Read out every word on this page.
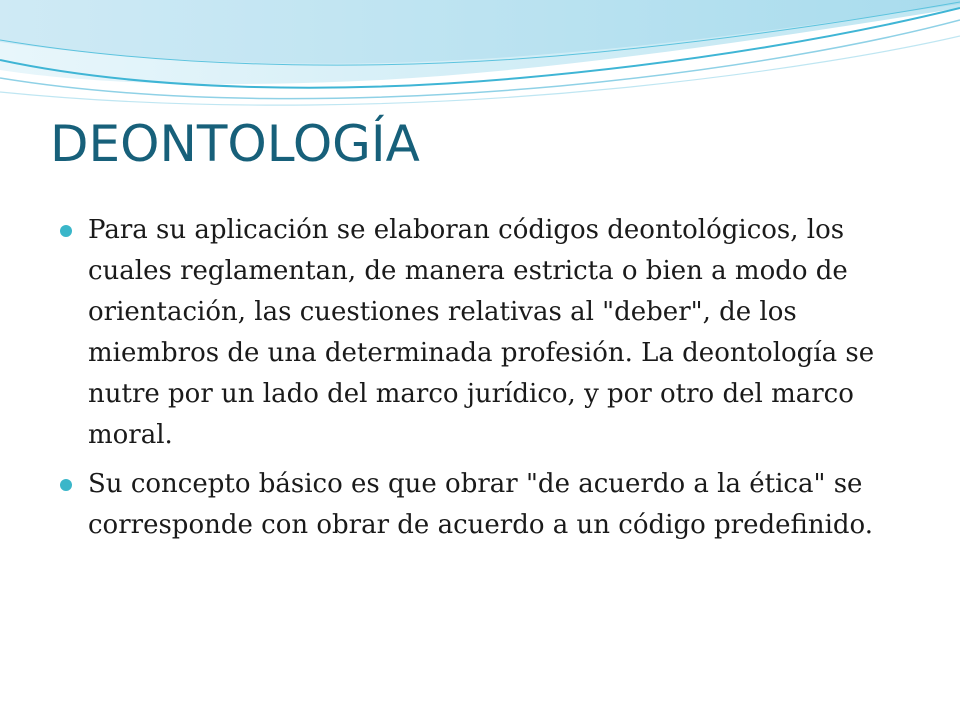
DEONTOLOGÍA
Para su aplicación se elaboran códigos deontológicos, los cuales reglamentan, de manera estricta o bien a modo de orientación, las cuestiones relativas al "deber", de los miembros de una determinada profesión. La deontología se nutre por un lado del marco jurídico, y por otro del marco moral.
Su concepto básico es que obrar "de acuerdo a la ética" se corresponde con obrar de acuerdo a un código predefinido.
